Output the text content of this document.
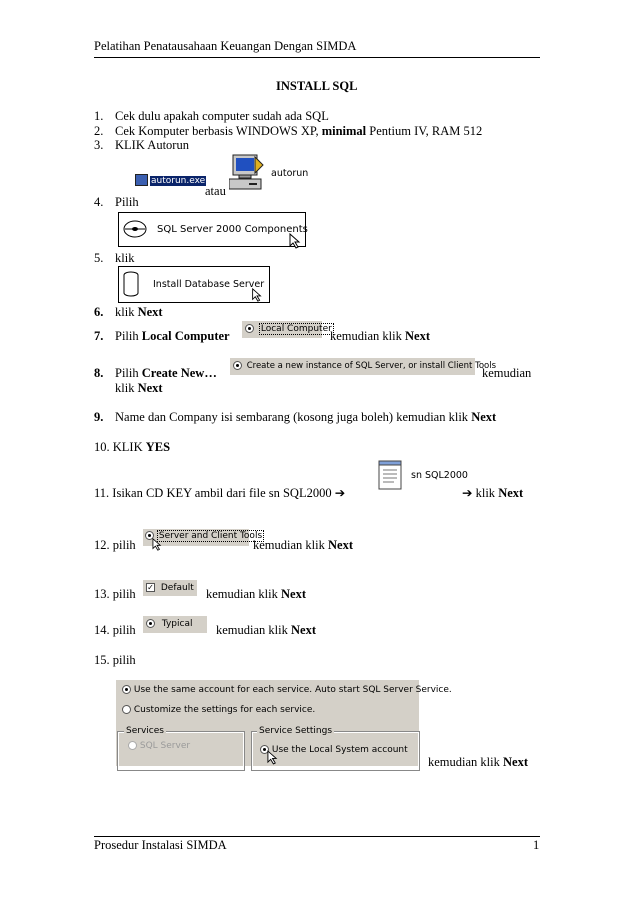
Pelatihan Penatausahaan Keuangan Dengan SIMDA
INSTALL SQL
1. Cek dulu apakah computer sudah ada SQL
2. Cek Komputer berbasis WINDOWS XP, minimal Pentium IV, RAM 512
3. KLIK Autorun
autorun.exe
atau
autorun
4. Pilih
SQL Server 2000 Components
5. klik
Install Database Server
6. klik Next
7. Pilih Local Computer	Local Computer
kemudian klik Next
8. Pilih Create New…	Create a new instance of SQL Server, or install Client Tools
kemudian
klik Next
9. Name dan Company isi sembarang (kosong juga boleh) kemudian klik Next
10. KLIK YES
11. Isikan CD KEY ambil dari file sn SQL2000 ➔
sn SQL2000
➔ klik Next
12. pilih
Server and Client Tools
kemudian klik Next
13. pilih	✓ Default kemudian klik Next
14. pilih	Typical	kemudian klik Next
15. pilih
Use the same account for each service. Auto start SQL Server Service.
Customize the settings for each service.
Services
SQL Server
Service Settings
Use the Local System account
kemudian klik Next
Prosedur Instalasi SIMDA	1
